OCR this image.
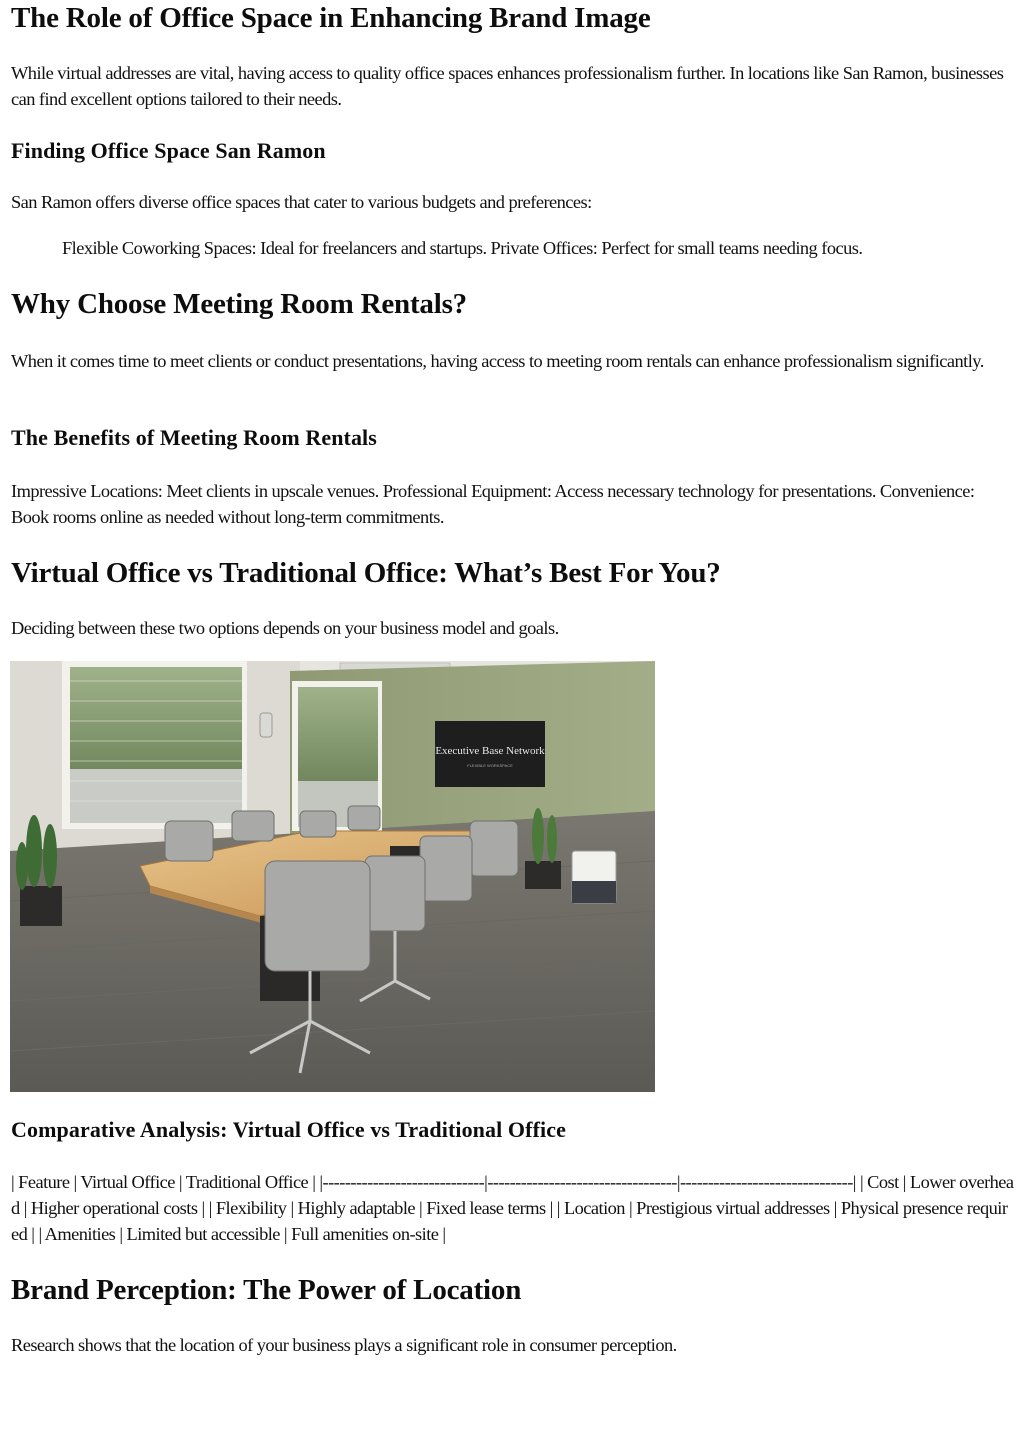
The Role of Office Space in Enhancing Brand Image

While virtual addresses are vital, having access to quality office spaces enhances professionalism further. In locations like San Ramon, businesses can find excellent options tailored to their needs.

Finding Office Space San Ramon

San Ramon offers diverse office spaces that cater to various budgets and preferences:

Flexible Coworking Spaces: Ideal for freelancers and startups. Private Offices: Perfect for small teams needing focus.

Why Choose Meeting Room Rentals?

When it comes time to meet clients or conduct presentations, having access to meeting room rentals can enhance professionalism significantly.

The Benefits of Meeting Room Rentals

Impressive Locations: Meet clients in upscale venues. Professional Equipment: Access necessary technology for presentations. Convenience: Book rooms online as needed without long-term commitments.

Virtual Office vs Traditional Office: What’s Best For You?

Deciding between these two options depends on your business model and goals.

Executive Base Network
FLEXIBLE WORKSPACE
Comparative Analysis: Virtual Office vs Traditional Office

| Feature | Virtual Office | Traditional Office | |-----------------------------|----------------------------------|-------------------------------| | Cost | Lower overhead | Higher operational costs | | Flexibility | Highly adaptable | Fixed lease terms | | Location | Prestigious virtual addresses | Physical presence required | | Amenities | Limited but accessible | Full amenities on-site |

Brand Perception: The Power of Location

Research shows that the location of your business plays a significant role in consumer perception.
